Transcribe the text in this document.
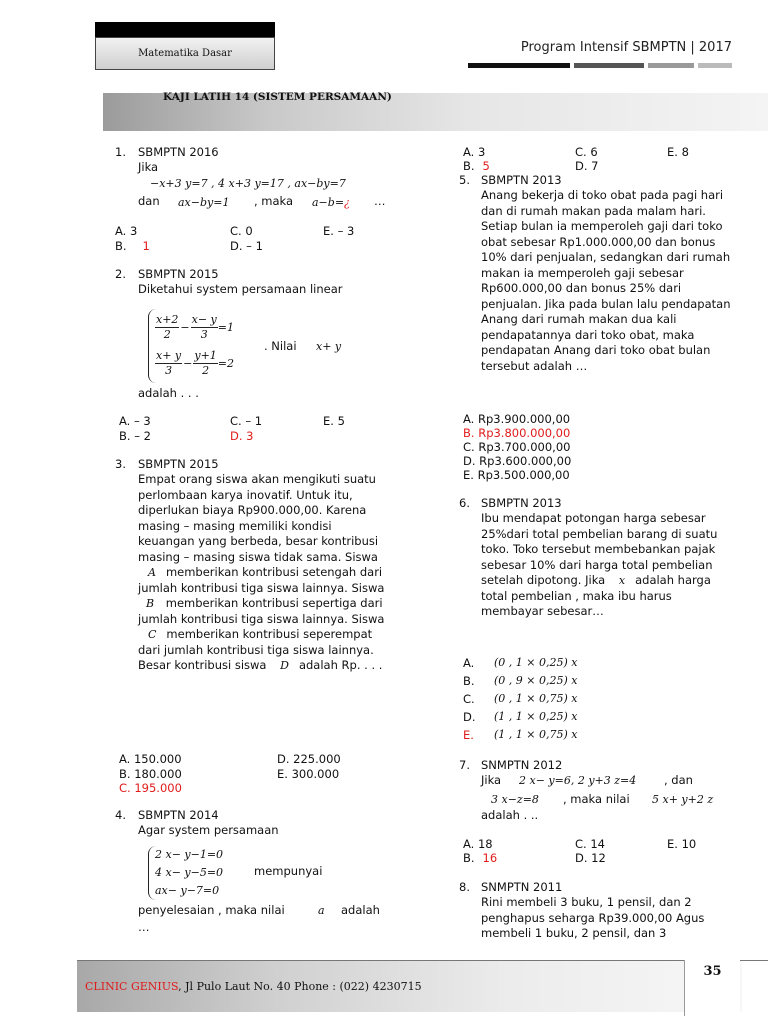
Matematika Dasar	Program Intensif SBMPTN | 2017
KAJI LATIH 14 (SISTEM PERSAMAAN)
1. SBMPTN 2016
Jika
−x+3 y=7 , 4 x+3 y=17 , ax−by=7
dan ax−by=1 , maka a−b=¿ …
A. 3	C. 0	E. – 3
B. 1	D. – 1
2. SBMPTN 2015
Diketahui system persamaan linear
$\frac{x+2}{2} - \frac{x- y}{3} =1$
$\frac{x+ y}{3} - \frac{y+1}{2} =2$
. Nilai x+ y
adalah . . .
A. – 3	C. – 1	E. 5
B. – 2	D. 3
3. SBMPTN 2015
Empat orang siswa akan mengikuti suatu perlombaan karya inovatif. Untuk itu, diperlukan biaya Rp900.000,00. Karena masing – masing memiliki kondisi keuangan yang berbeda, besar kontribusi masing – masing siswa tidak sama. Siswa A memberikan kontribusi setengah dari jumlah kontribusi tiga siswa lainnya. Siswa B memberikan kontribusi sepertiga dari jumlah kontribusi tiga siswa lainnya. Siswa C memberikan kontribusi seperempat dari jumlah kontribusi tiga siswa lainnya. Besar kontribusi siswa D adalah Rp. . . .
A. 150.000	D. 225.000
B. 180.000	E. 300.000
C. 195.000
4. SBMPTN 2014
Agar system persamaan
2 x− y−1=0
4 x− y−5=0
ax− y−7=0
mempunyai
penyelesaian , maka nilai	a adalah
…
A. 3	C. 6	E. 8
B. 5	D. 7
5. SBMPTN 2013
Anang bekerja di toko obat pada pagi hari dan di rumah makan pada malam hari. Setiap bulan ia memperoleh gaji dari toko obat sebesar Rp1.000.000,00 dan bonus 10% dari penjualan, sedangkan dari rumah makan ia memperoleh gaji sebesar Rp600.000,00 dan bonus 25% dari penjualan. Jika pada bulan lalu pendapatan Anang dari rumah makan dua kali pendapatannya dari toko obat, maka pendapatan Anang dari toko obat bulan tersebut adalah …
A. Rp3.900.000,00
B. Rp3.800.000,00
C. Rp3.700.000,00
D. Rp3.600.000,00
E. Rp3.500.000,00
6. SBMPTN 2013
Ibu mendapat potongan harga sebesar 25%dari total pembelian barang di suatu toko. Toko tersebut membebankan pajak sebesar 10% dari harga total pembelian setelah dipotong. Jika x adalah harga total pembelian , maka ibu harus membayar sebesar…
A. (0 , 1 × 0,25) x
B. (0 , 9 × 0,25) x
C. (0 , 1 × 0,75) x
D. (1 , 1 × 0,25) x
E. (1 , 1 × 0,75) x
7. SNMPTN 2012
Jika 2 x− y=6, 2 y+3 z=4 , dan
3 x−z=8 , maka nilai 5 x+ y+2 z
adalah . ..
A. 18	C. 14	E. 10
B. 16	D. 12
8. SNMPTN 2011
Rini membeli 3 buku, 1 pensil, dan 2 penghapus seharga Rp39.000,00 Agus membeli 1 buku, 2 pensil, dan 3
CLINIC GENIUS, Jl Pulo Laut No. 40 Phone : (022) 4230715
35
